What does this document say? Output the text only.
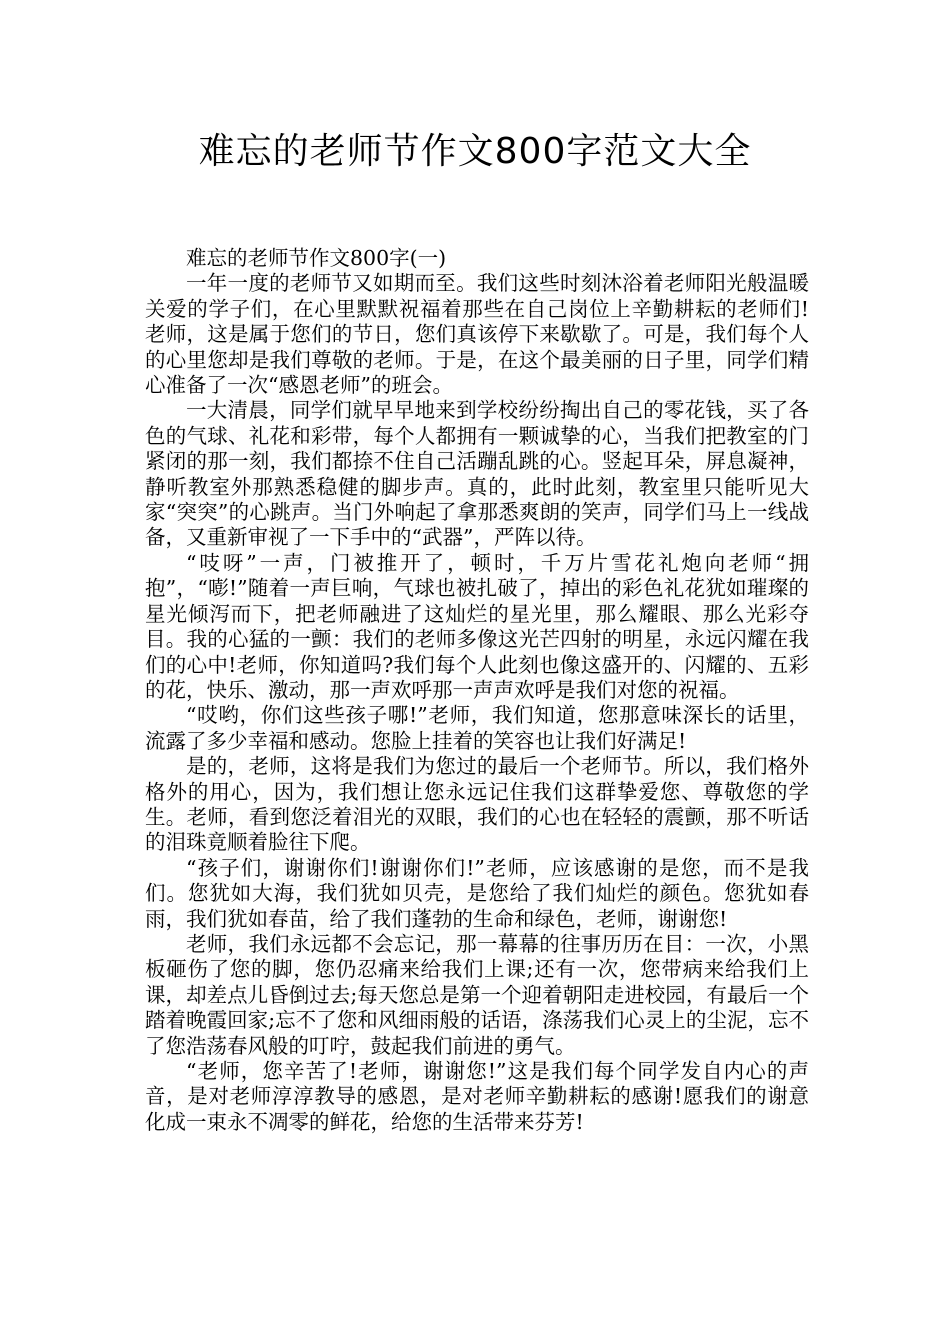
难忘的老师节作文800字范文大全

难忘的老师节作文800字(一)

一年一度的老师节又如期而至。我们这些时刻沐浴着老师阳光般温暖关爱的学子们，在心里默默祝福着那些在自己岗位上辛勤耕耘的老师们!老师，这是属于您们的节日，您们真该停下来歇歇了。可是，我们每个人的心里您却是我们尊敬的老师。于是，在这个最美丽的日子里，同学们精心准备了一次“感恩老师”的班会。

一大清晨，同学们就早早地来到学校纷纷掏出自己的零花钱，买了各色的气球、礼花和彩带，每个人都拥有一颗诚挚的心，当我们把教室的门紧闭的那一刻，我们都捺不住自己活蹦乱跳的心。竖起耳朵，屏息凝神，静听教室外那熟悉稳健的脚步声。真的，此时此刻，教室里只能听见大家“突突”的心跳声。当门外响起了拿那悉爽朗的笑声，同学们马上一线战备，又重新审视了一下手中的“武器”，严阵以待。

“吱呀”一声，门被推开了，顿时，千万片雪花礼炮向老师“拥抱”，“嘭!”随着一声巨响，气球也被扎破了，掉出的彩色礼花犹如璀璨的星光倾泻而下，把老师融进了这灿烂的星光里，那么耀眼、那么光彩夺目。我的心猛的一颤：我们的老师多像这光芒四射的明星，永远闪耀在我们的心中!老师，你知道吗?我们每个人此刻也像这盛开的、闪耀的、五彩的花，快乐、激动，那一声欢呼那一声声欢呼是我们对您的祝福。

“哎哟，你们这些孩子哪!”老师，我们知道，您那意味深长的话里，流露了多少幸福和感动。您脸上挂着的笑容也让我们好满足!

是的，老师，这将是我们为您过的最后一个老师节。所以，我们格外格外的用心，因为，我们想让您永远记住我们这群挚爱您、尊敬您的学生。老师，看到您泛着泪光的双眼，我们的心也在轻轻的震颤，那不听话的泪珠竟顺着脸往下爬。

“孩子们，谢谢你们!谢谢你们!”老师，应该感谢的是您，而不是我们。您犹如大海，我们犹如贝壳，是您给了我们灿烂的颜色。您犹如春雨，我们犹如春苗，给了我们蓬勃的生命和绿色，老师，谢谢您!

老师，我们永远都不会忘记，那一幕幕的往事历历在目：一次，小黑板砸伤了您的脚，您仍忍痛来给我们上课;还有一次，您带病来给我们上课，却差点儿昏倒过去;每天您总是第一个迎着朝阳走进校园，有最后一个踏着晚霞回家;忘不了您和风细雨般的话语，涤荡我们心灵上的尘泥，忘不了您浩荡春风般的叮咛，鼓起我们前进的勇气。

“老师，您辛苦了!老师，谢谢您!”这是我们每个同学发自内心的声音，是对老师淳淳教导的感恩，是对老师辛勤耕耘的感谢!愿我们的谢意化成一束永不凋零的鲜花，给您的生活带来芬芳!
